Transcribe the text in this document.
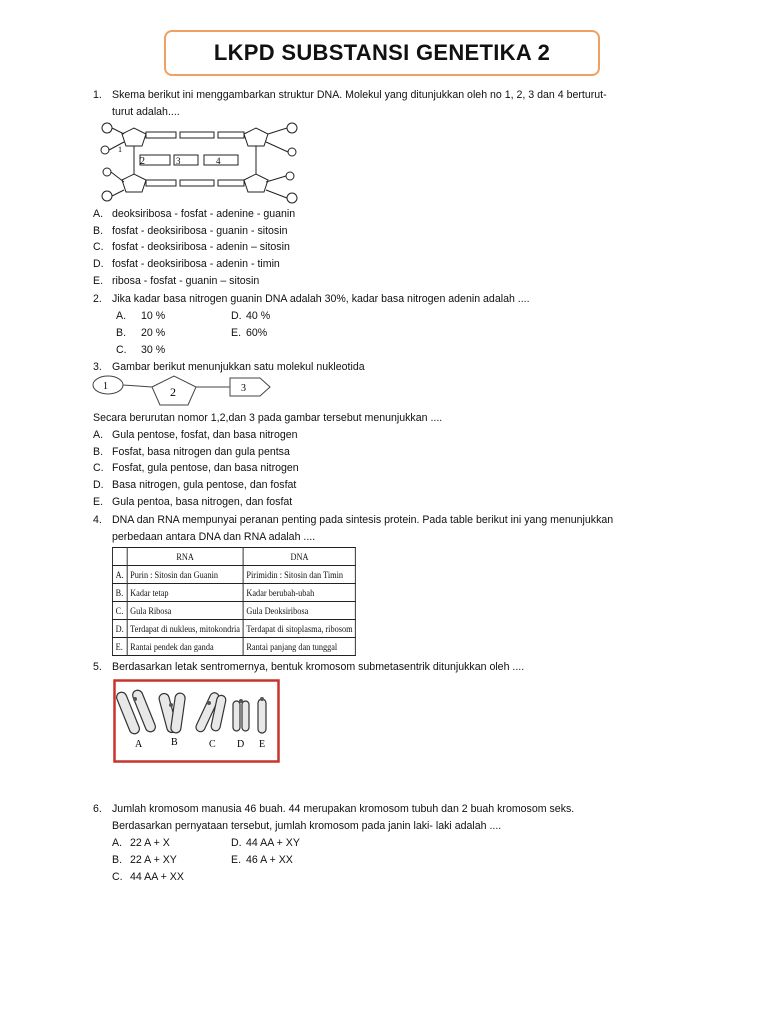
LKPD SUBSTANSI GENETIKA 2
1. Skema berikut ini menggambarkan struktur DNA. Molekul yang ditunjukkan oleh no 1, 2, 3 dan 4 berturut-
turut adalah....
1
2	3	4
A. deoksiribosa - fosfat - adenine - guanin
B. fosfat - deoksiribosa - guanin - sitosin
C. fosfat - deoksiribosa - adenin – sitosin
D. fosfat - deoksiribosa - adenin - timin
E. ribosa - fosfat - guanin – sitosin
2. Jika kadar basa nitrogen guanin DNA adalah 30%, kadar basa nitrogen adenin adalah ....
A. 10 %	D. 40 %
B. 20 %	E. 60%
C. 30 %
3. Gambar berikut menunjukkan satu molekul nukleotida
1	2	3
Secara berurutan nomor 1,2,dan 3 pada gambar tersebut menunjukkan ....
A. Gula pentose, fosfat, dan basa nitrogen
B. Fosfat, basa nitrogen dan gula pentsa
C. Fosfat, gula pentose, dan basa nitrogen
D. Basa nitrogen, gula pentose, dan fosfat
E. Gula pentoa, basa nitrogen, dan fosfat
4. DNA dan RNA mempunyai peranan penting pada sintesis protein. Pada table berikut ini yang menunjukkan
perbedaan antara DNA dan RNA adalah ....
	RNA	DNA
A.	Purin : Sitosin dan Guanin	Pirimidin : Sitosin dan Timin
B.	Kadar tetap	Kadar berubah-ubah
C.	Gula Ribosa	Gula Deoksiribosa
D.	Terdapat di nukleus, mitokondria	Terdapat di sitoplasma, ribosom
E.	Rantai pendek dan ganda	Rantai panjang dan tunggal
5. Berdasarkan letak sentromernya, bentuk kromosom submetasentrik ditunjukkan oleh ....
A	B	C D E
6. Jumlah kromosom manusia 46 buah. 44 merupakan kromosom tubuh dan 2 buah kromosom seks.
Berdasarkan pernyataan tersebut, jumlah kromosom pada janin laki- laki adalah ....
A. 22 A + X	D. 44 AA + XY
B. 22 A + XY	E. 46 A + XX
C. 44 AA + XX
